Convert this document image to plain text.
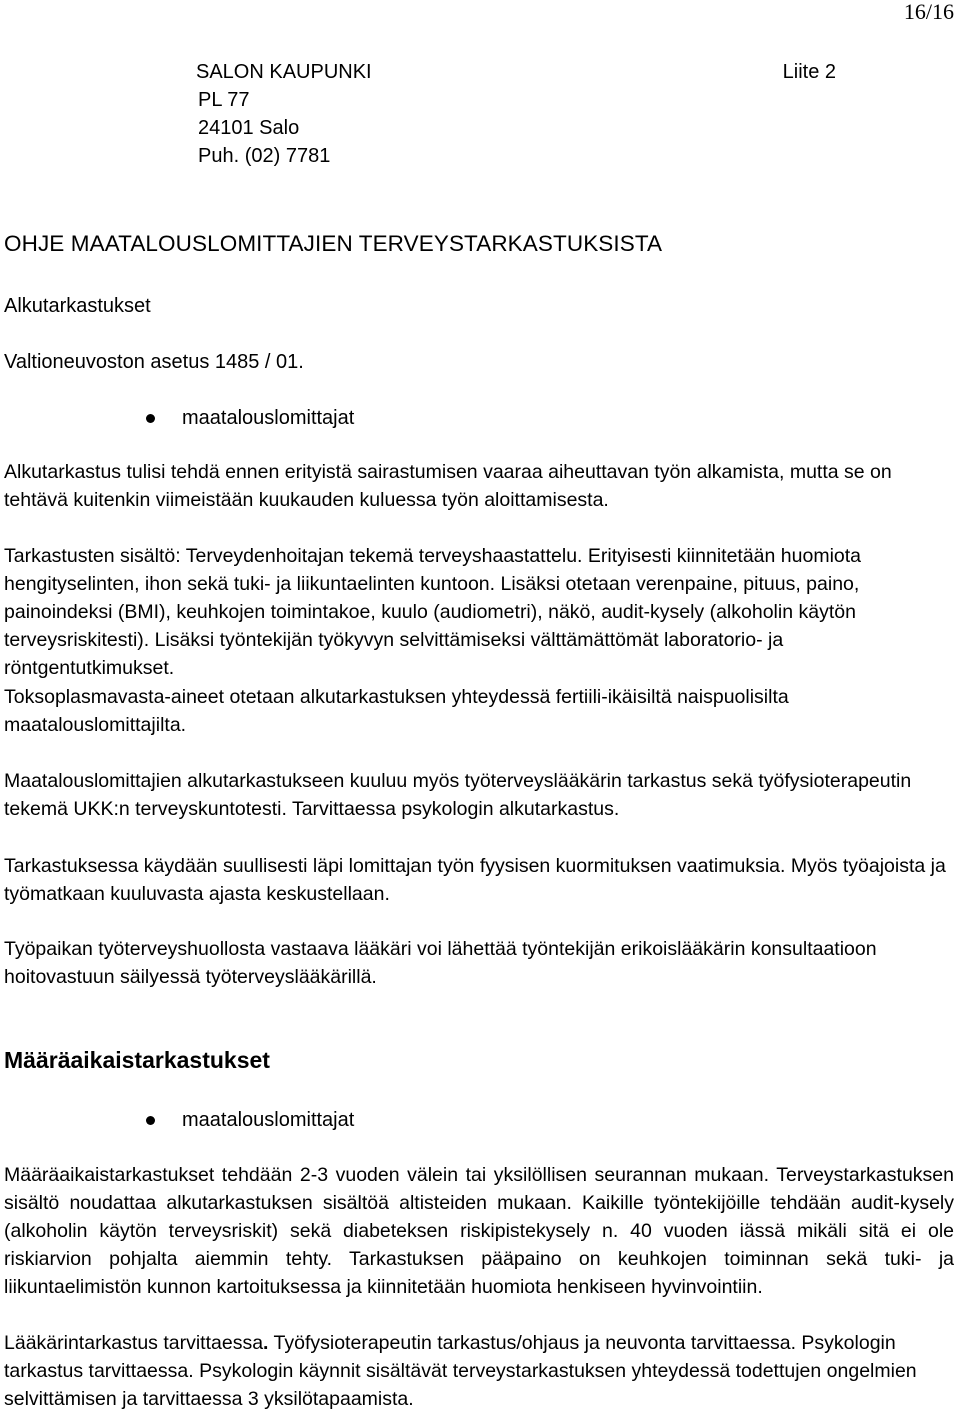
16/16
SALON KAUPUNKI
PL 77
24101 Salo
Puh. (02) 7781
Liite 2
OHJE MAATALOUSLOMITTAJIEN TERVEYSTARKASTUKSISTA
Alkutarkastukset
Valtioneuvoston asetus 1485 / 01.
maatalouslomittajat

Alkutarkastus tulisi tehdä ennen erityistä sairastumisen vaaraa aiheuttavan työn alkamista, mutta se on tehtävä kuitenkin viimeistään kuukauden kuluessa työn aloittamisesta.

Tarkastusten sisältö: Terveydenhoitajan tekemä terveyshaastattelu. Erityisesti kiinnitetään huomiota hengityselinten, ihon sekä tuki- ja liikuntaelinten kuntoon. Lisäksi otetaan verenpaine, pituus, paino, painoindeksi (BMI), keuhkojen toimintakoe, kuulo (audiometri), näkö, audit-kysely (alkoholin käytön terveysriskitesti). Lisäksi työntekijän työkyvyn selvittämiseksi välttämättömät laboratorio- ja röntgentutkimukset.

Toksoplasmavasta-aineet otetaan alkutarkastuksen yhteydessä fertiili-ikäisiltä naispuolisilta maatalouslomittajilta.

Maatalouslomittajien alkutarkastukseen kuuluu myös työterveyslääkärin tarkastus sekä työfysioterapeutin tekemä UKK:n terveyskuntotesti. Tarvittaessa psykologin alkutarkastus.

Tarkastuksessa käydään suullisesti läpi lomittajan työn fyysisen kuormituksen vaatimuksia. Myös työajoista ja työmatkaan kuuluvasta ajasta keskustellaan.

Työpaikan työterveyshuollosta vastaava lääkäri voi lähettää työntekijän erikoislääkärin konsultaatioon hoitovastuun säilyessä työterveyslääkärillä.

Määräaikaistarkastukset
maatalouslomittajat

Määräaikaistarkastukset tehdään 2-3 vuoden välein tai yksilöllisen seurannan mukaan. Terveystarkastuksen sisältö noudattaa alkutarkastuksen sisältöä altisteiden mukaan. Kaikille työntekijöille tehdään audit-kysely (alkoholin käytön terveysriskit) sekä diabeteksen riskipistekysely n. 40 vuoden iässä mikäli sitä ei ole riskiarvion pohjalta aiemmin tehty. Tarkastuksen pääpaino on keuhkojen toiminnan sekä tuki- ja liikuntaelimistön kunnon kartoituksessa ja kiinnitetään huomiota henkiseen hyvinvointiin.

Lääkärintarkastus tarvittaessa. Työfysioterapeutin tarkastus/ohjaus ja neuvonta tarvittaessa. Psykologin tarkastus tarvittaessa. Psykologin käynnit sisältävät terveystarkastuksen yhteydessä todettujen ongelmien selvittämisen ja tarvittaessa 3 yksilötapaamista.
